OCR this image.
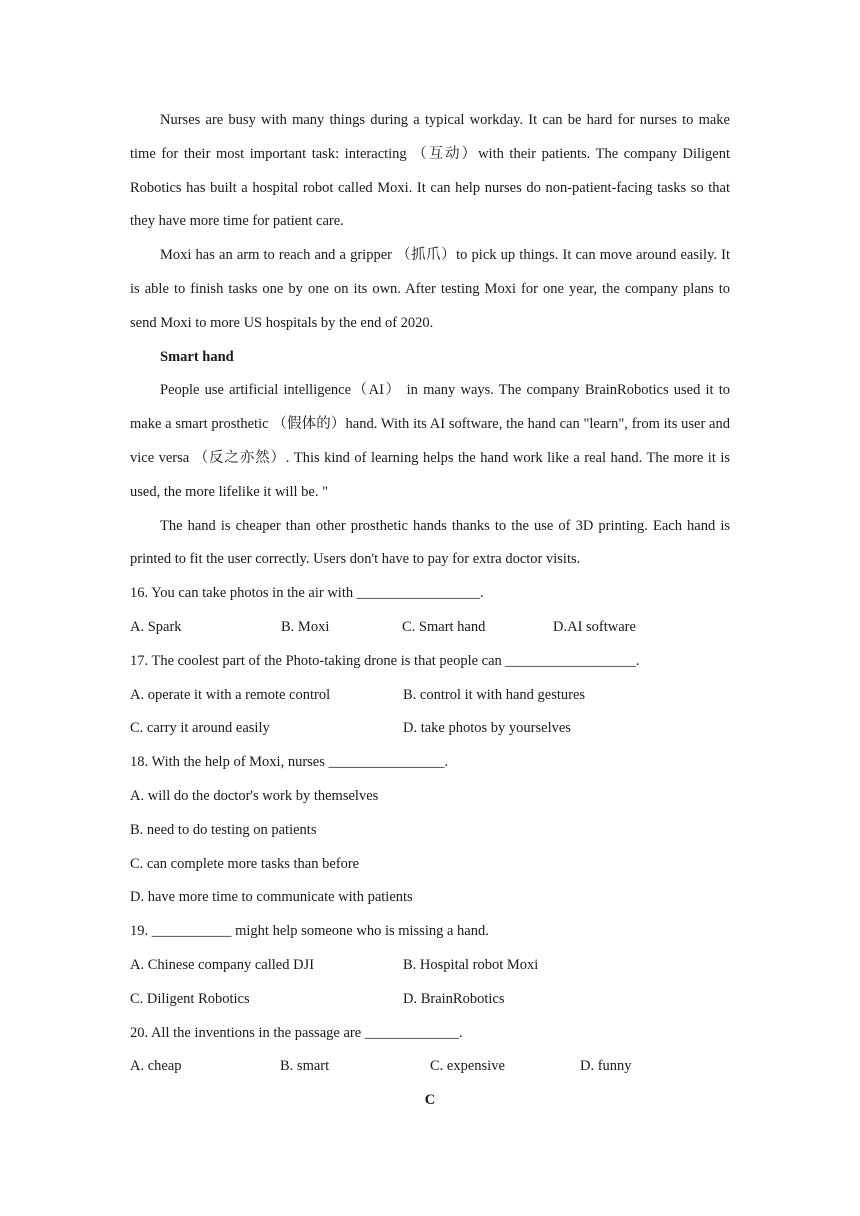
Nurses are busy with many things during a typical workday. It can be hard for nurses to make time for their most important task: interacting （互动）with their patients. The company Diligent Robotics has built a hospital robot called Moxi. It can help nurses do non-patient-facing tasks so that they have more time for patient care.

Moxi has an arm to reach and a gripper （抓爪）to pick up things. It can move around easily. It is able to finish tasks one by one on its own. After testing Moxi for one year, the company plans to send Moxi to more US hospitals by the end of 2020.

Smart hand

People use artificial intelligence（AI） in many ways. The company BrainRobotics used it to make a smart prosthetic （假体的）hand. With its AI software, the hand can "learn", from its user and vice versa （反之亦然）. This kind of learning helps the hand work like a real hand. The more it is used, the more lifelike it will be. "

The hand is cheaper than other prosthetic hands thanks to the use of 3D printing. Each hand is printed to fit the user correctly. Users don't have to pay for extra doctor visits.

16. You can take photos in the air with _________________.

A. Spark	B. Moxi	C. Smart hand	D.AI software

17. The coolest part of the Photo-taking drone is that people can __________________.

A. operate it with a remote control	B. control it with hand gestures
C. carry it around easily	D. take photos by yourselves

18. With the help of Moxi, nurses ________________.

A. will do the doctor's work by themselves

B. need to do testing on patients

C. can complete more tasks than before

D. have more time to communicate with patients

19. ___________ might help someone who is missing a hand.

A. Chinese company called DJI	B. Hospital robot Moxi
C. Diligent Robotics	D. BrainRobotics

20. All the inventions in the passage are _____________.

A. cheap	B. smart	C. expensive	D. funny

C
